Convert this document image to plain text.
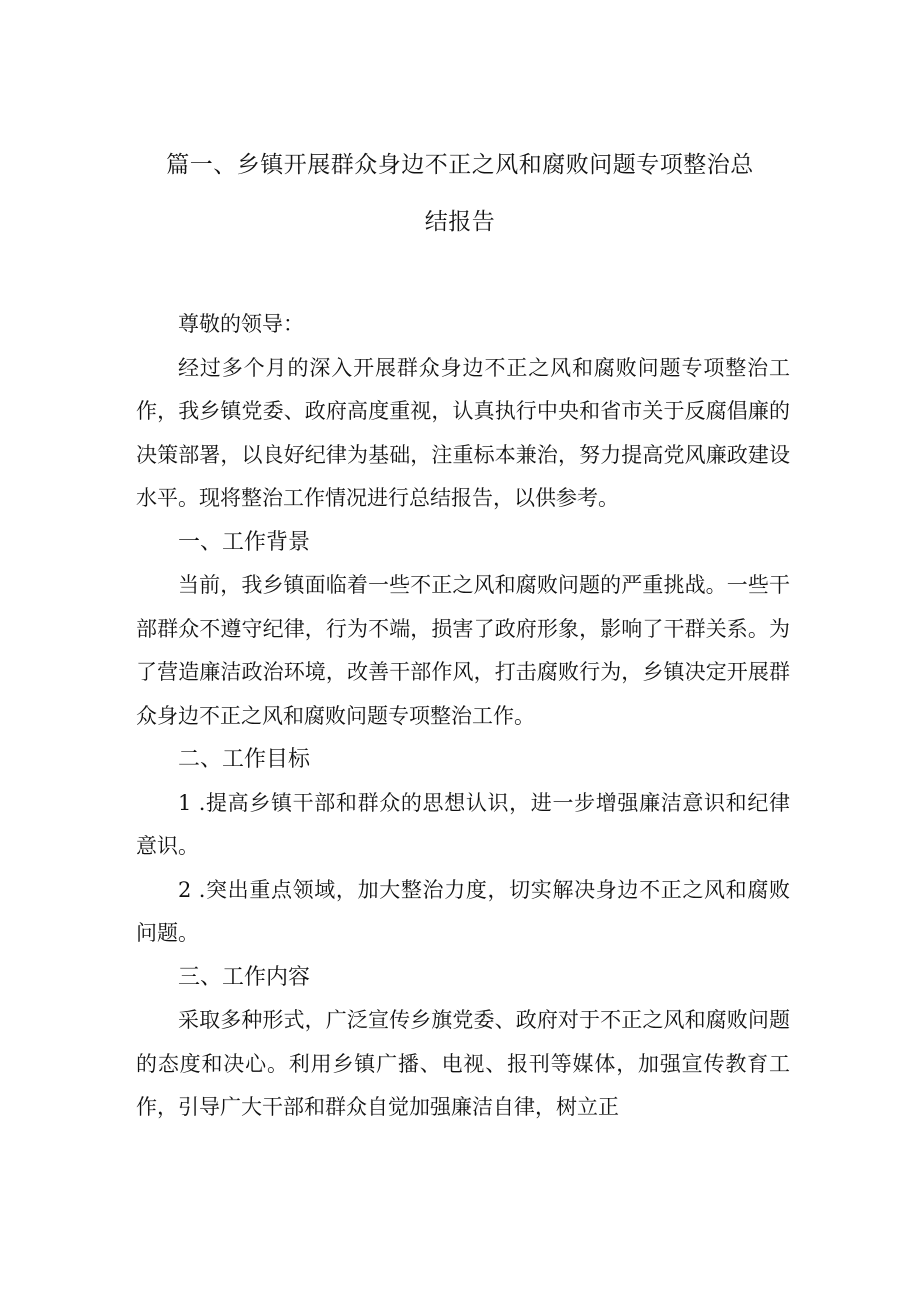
篇一、乡镇开展群众身边不正之风和腐败问题专项整治总
结报告

尊敬的领导：

经过多个月的深入开展群众身边不正之风和腐败问题专项整治工作，我乡镇党委、政府高度重视，认真执行中央和省市关于反腐倡廉的决策部署，以良好纪律为基础，注重标本兼治，努力提高党风廉政建设水平。现将整治工作情况进行总结报告，以供参考。

一、工作背景

当前，我乡镇面临着一些不正之风和腐败问题的严重挑战。一些干部群众不遵守纪律，行为不端，损害了政府形象，影响了干群关系。为了营造廉洁政治环境，改善干部作风，打击腐败行为，乡镇决定开展群众身边不正之风和腐败问题专项整治工作。

二、工作目标

1 .提高乡镇干部和群众的思想认识，进一步增强廉洁意识和纪律意识。

2 .突出重点领域，加大整治力度，切实解决身边不正之风和腐败问题。

三、工作内容

采取多种形式，广泛宣传乡旗党委、政府对于不正之风和腐败问题的态度和决心。利用乡镇广播、电视、报刊等媒体，加强宣传教育工作，引导广大干部和群众自觉加强廉洁自律，树立正
